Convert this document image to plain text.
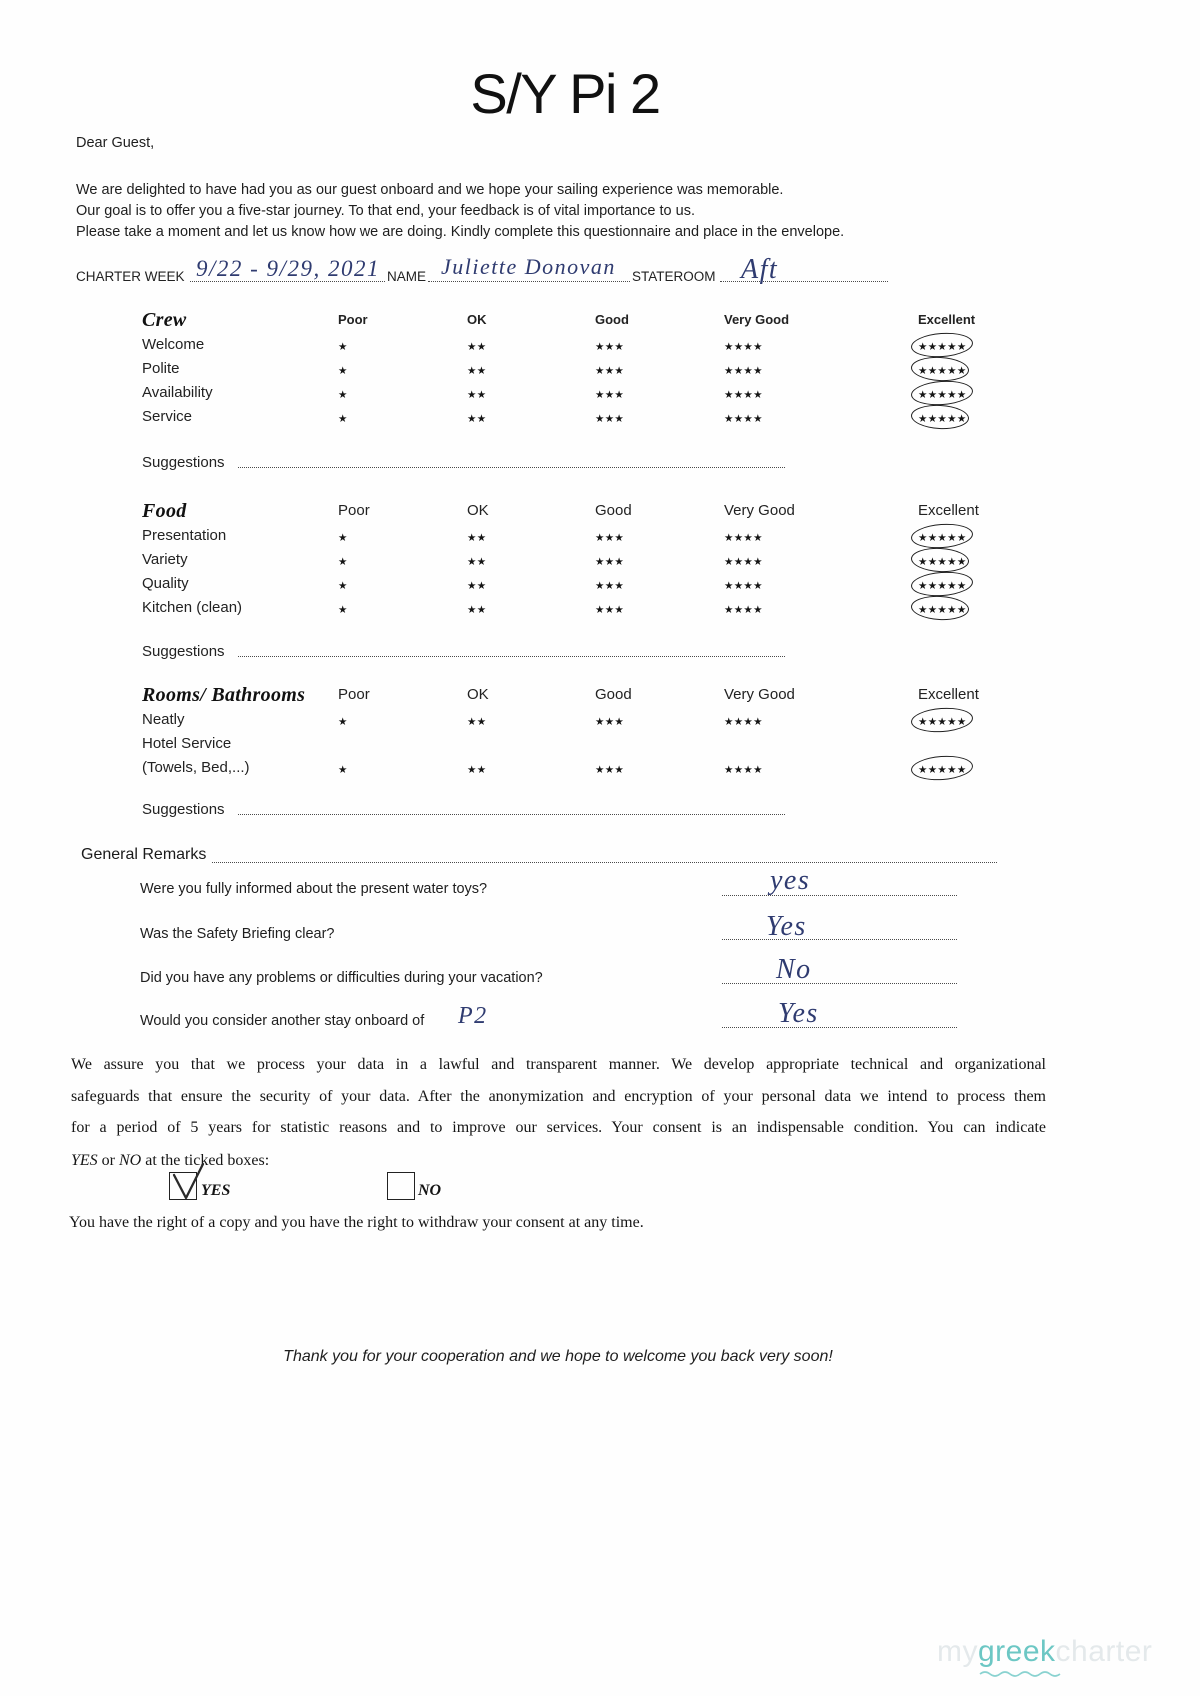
S/Y Pi 2
Dear Guest,
We are delighted to have had you as our guest onboard and we hope your sailing experience was memorable.
Our goal is to offer you a five-star journey. To that end, your feedback is of vital importance to us.
Please take a moment and let us know how we are doing. Kindly complete this questionnaire and place in the envelope.
CHARTER WEEK 9/22 - 9/29, 2021 NAME Juliette Donovan STATEROOM Aft
Crew	Poor	OK	Good	Very Good	Excellent
Welcome	★	★★	★★★	★★★★	★★★★★
Polite	★	★★	★★★	★★★★	★★★★★
Availability	★	★★	★★★	★★★★	★★★★★
Service	★	★★	★★★	★★★★	★★★★★
Suggestions
Food	Poor	OK	Good	Very Good	Excellent
Presentation	★	★★	★★★	★★★★	★★★★★
Variety	★	★★	★★★	★★★★	★★★★★
Quality	★	★★	★★★	★★★★	★★★★★
Kitchen (clean)	★	★★	★★★	★★★★	★★★★★
Suggestions
Rooms/ Bathrooms Poor	OK	Good	Very Good	Excellent
Neatly	★	★★	★★★	★★★★	★★★★★
Hotel Service
(Towels, Bed,...)	★	★★	★★★	★★★★	★★★★★
Suggestions
General Remarks
Were you fully informed about the present water toys?	yes
Was the Safety Briefing clear?	Yes
Did you have any problems or difficulties during your vacation?	No
Would you consider another stay onboard of P2	Yes
We assure you that we process your data in a lawful and transparent manner. We develop appropriate technical and organizational
safeguards that ensure the security of your data. After the anonymization and encryption of your personal data we intend to process them
for a period of 5 years for statistic reasons and to improve our services. Your consent is an indispensable condition. You can indicate
YES or NO at the ticked boxes:
YES	NO
You have the right of a copy and you have the right to withdraw your consent at any time.
Thank you for your cooperation and we hope to welcome you back very soon!
mygreekcharter
